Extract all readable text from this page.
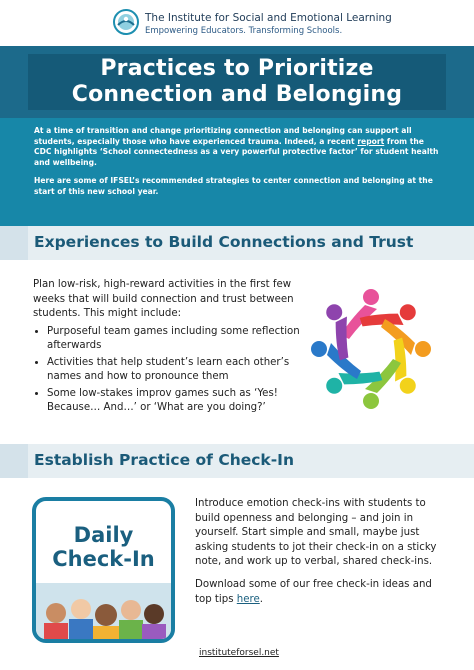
The Institute for Social and Emotional Learning
Empowering Educators. Transforming Schools.
Practices to Prioritize
Connection and Belonging

At a time of transition and change prioritizing connection and belonging can support all students, especially those who have experienced trauma. Indeed, a recent report from the CDC highlights ‘School connectedness as a very powerful protective factor’ for student health and wellbeing.

Here are some of IFSEL’s recommended strategies to center connection and belonging at the start of this new school year.

Experiences to Build Connections and Trust
Plan low-risk, high-reward activities in the first few weeks that will build connection and trust between students. This might include:
• Purposeful team games including some reflection afterwards
• Activities that help student’s learn each other’s names and how to pronounce them
• Some low-stakes improv games such as ‘Yes! Because… And…’ or ‘What are you doing?’
Establish Practice of Check-In
Daily
Check-In

Introduce emotion check-ins with students to build openness and belonging – and join in yourself. Start simple and small, maybe just asking students to jot their check-in on a sticky note, and work up to verbal, shared check-ins.

Download some of our free check-in ideas and top tips here.

instituteforsel.net
